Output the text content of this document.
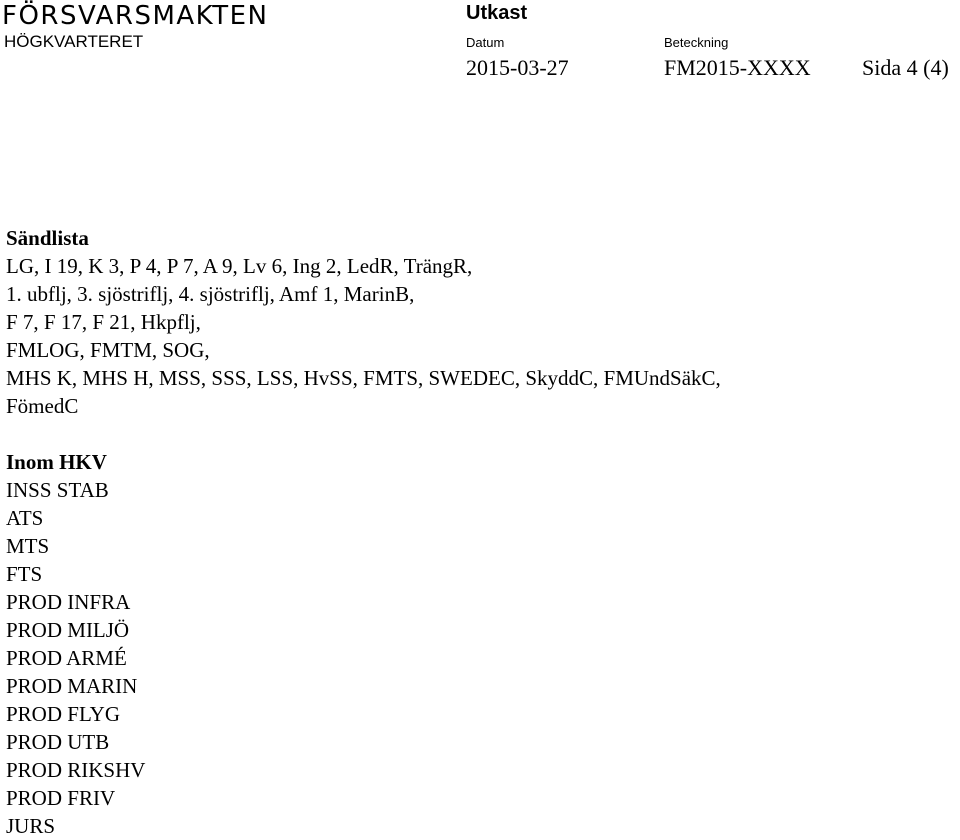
FÖRSVARSMAKTEN
HÖGKVARTERET
Utkast
Datum	Beteckning
2015-03-27	FM2015-XXXX Sida 4 (4)
Sändlista
LG, I 19, K 3, P 4, P 7, A 9, Lv 6, Ing 2, LedR, TrängR,
1. ubflj, 3. sjöstriflj, 4. sjöstriflj, Amf 1, MarinB,
F 7, F 17, F 21, Hkpflj,
FMLOG, FMTM, SOG,
MHS K, MHS H, MSS, SSS, LSS, HvSS, FMTS, SWEDEC, SkyddC, FMUndSäkC,
FömedC
Inom HKV
INSS STAB
ATS
MTS
FTS
PROD INFRA
PROD MILJÖ
PROD ARMÉ
PROD MARIN
PROD FLYG
PROD UTB
PROD RIKSHV
PROD FRIV
JURS
